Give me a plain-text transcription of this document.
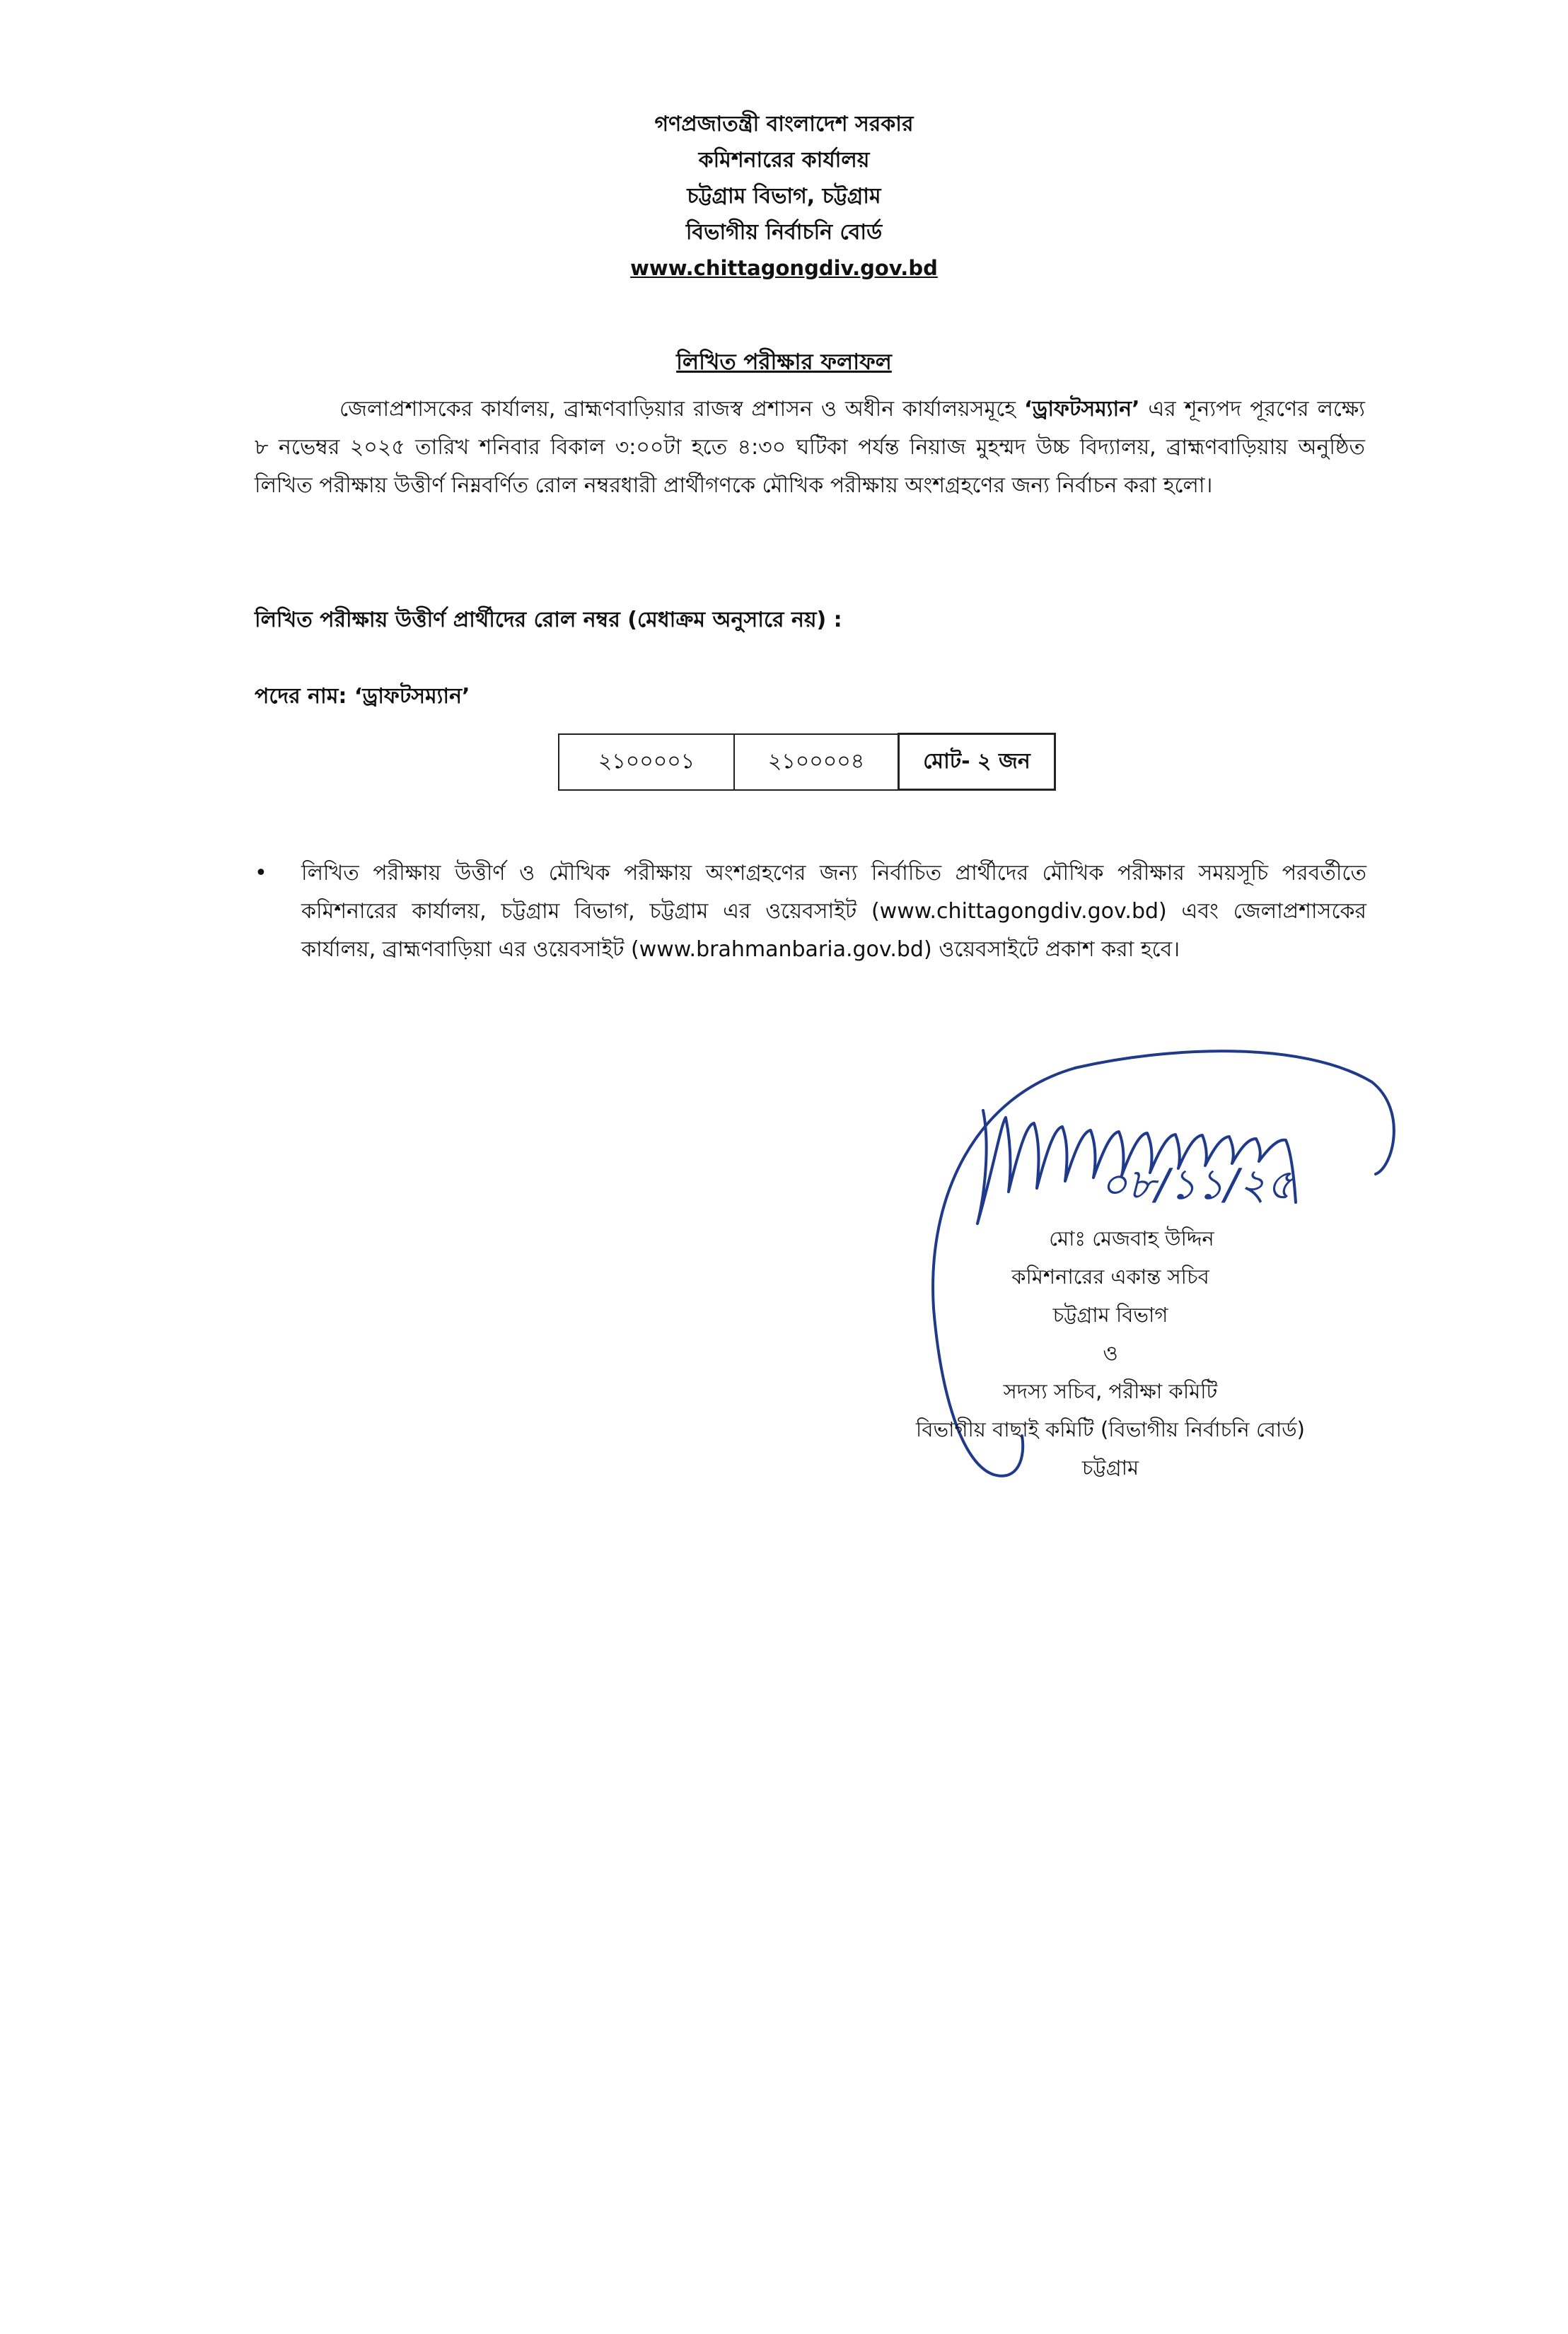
গণপ্রজাতন্ত্রী বাংলাদেশ সরকার
কমিশনারের কার্যালয়
চট্টগ্রাম বিভাগ, চট্টগ্রাম
বিভাগীয় নির্বাচনি বোর্ড
www.chittagongdiv.gov.bd
লিখিত পরীক্ষার ফলাফল

জেলাপ্রশাসকের কার্যালয়, ব্রাহ্মণবাড়িয়ার রাজস্ব প্রশাসন ও অধীন কার্যালয়সমূহে ‘ড্রাফটসম্যান’ এর শূন্যপদ পূরণের লক্ষ্যে ৮ নভেম্বর ২০২৫ তারিখ শনিবার বিকাল ৩:০০টা হতে ৪:৩০ ঘটিকা পর্যন্ত নিয়াজ মুহম্মদ উচ্চ বিদ্যালয়, ব্রাহ্মণবাড়িয়ায় অনুষ্ঠিত লিখিত পরীক্ষায় উত্তীর্ণ নিম্নবর্ণিত রোল নম্বরধারী প্রার্থীগণকে মৌখিক পরীক্ষায় অংশগ্রহণের জন্য নির্বাচন করা হলো।

লিখিত পরীক্ষায় উত্তীর্ণ প্রার্থীদের রোল নম্বর (মেধাক্রম অনুসারে নয়) :

পদের নাম: ‘ড্রাফটসম্যান’

২১০০০০১	২১০০০০৪	মোট- ২ জন
• লিখিত পরীক্ষায় উত্তীর্ণ ও মৌখিক পরীক্ষায় অংশগ্রহণের জন্য নির্বাচিত প্রার্থীদের মৌখিক পরীক্ষার সময়সূচি পরবর্তীতে কমিশনারের কার্যালয়, চট্টগ্রাম বিভাগ, চট্টগ্রাম এর ওয়েবসাইট (www.chittagongdiv.gov.bd) এবং জেলাপ্রশাসকের কার্যালয়, ব্রাহ্মণবাড়িয়া এর ওয়েবসাইট (www.brahmanbaria.gov.bd) ওয়েবসাইটে প্রকাশ করা হবে।
০৮/১১/২৫
মোঃ মেজবাহ উদ্দিন
কমিশনারের একান্ত সচিব
চট্টগ্রাম বিভাগ
ও
সদস্য সচিব, পরীক্ষা কমিটি
বিভাগীয় বাছাই কমিটি (বিভাগীয় নির্বাচনি বোর্ড)
চট্টগ্রাম
